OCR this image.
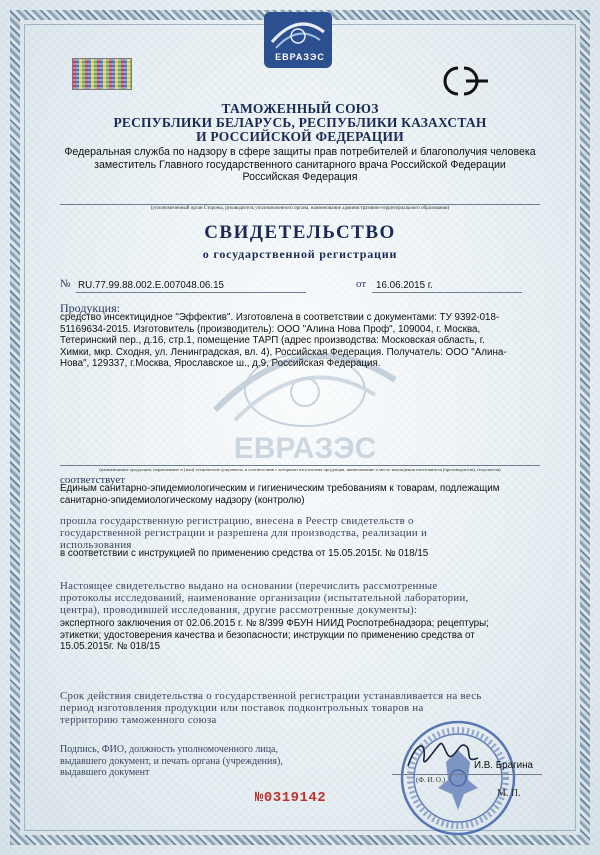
ЕВРАЗЭС
ЕВРАЗЭС
ТАМОЖЕННЫЙ СОЮЗ
РЕСПУБЛИКИ БЕЛАРУСЬ, РЕСПУБЛИКИ КАЗАХСТАН
И РОССИЙСКОЙ ФЕДЕРАЦИИ
Федеральная служба по надзору в сфере защиты прав потребителей и благополучия человека
заместитель Главного государственного санитарного врача Российской Федерации
Российская Федерация
(уполномоченный орган Стороны, руководитель уполномоченного органа, наименование административно-территориального образования)
СВИДЕТЕЛЬСТВО
о государственной регистрации
№ RU.77.99.88.002.E.007048.06.15	от 16.06.2015 г.
Продукция:
средство инсектицидное "Эффектив". Изготовлена в соответствии с документами: ТУ 9392-018-
51169634-2015. Изготовитель (производитель): ООО "Алина Нова Проф", 109004, г. Москва,
Тетеринский пер., д.16, стр.1, помещение ТАРП (адрес производства: Московская область, г.
Химки, мкр. Сходня, ул. Ленинградская, вл. 4), Российская Федерация. Получатель: ООО "Алина-
Нова", 129337, г.Москва, Ярославское ш., д.9, Российская Федерация.
(наименование продукции, нормативные и (или) технические документы, в соответствии с которыми изготовлена продукция, наименование и место нахождения изготовителя (производителя), получателя)
соответствует
Единым санитарно-эпидемиологическим и гигиеническим требованиям к товарам, подлежащим
санитарно-эпидемиологическому надзору (контролю)
прошла государственную регистрацию, внесена в Реестр свидетельств о
государственной регистрации и разрешена для производства, реализации и
использования
в соответствии с инструкцией по применению средства от 15.05.2015г. № 018/15
Настоящее свидетельство выдано на основании (перечислить рассмотренные
протоколы исследований, наименование организации (испытательной лаборатории,
центра), проводившей исследования, другие рассмотренные документы):
экспертного заключения от 02.06.2015 г. № 8/399 ФБУН НИИД Роспотребнадзора; рецептуры;
этикетки; удостоверения качества и безопасности; инструкции по применению средства от
15.05.2015г. № 018/15
Срок действия свидетельства о государственной регистрации устанавливается на весь
период изготовления продукции или поставок подконтрольных товаров на
территорию таможенного союза
Подпись, ФИО, должность уполномоченного лица,
выдавшего документ, и печать органа (учреждения),
выдавшего документ
И.В. Брагина
(Ф. И. О.)
М. П.
№0319142
